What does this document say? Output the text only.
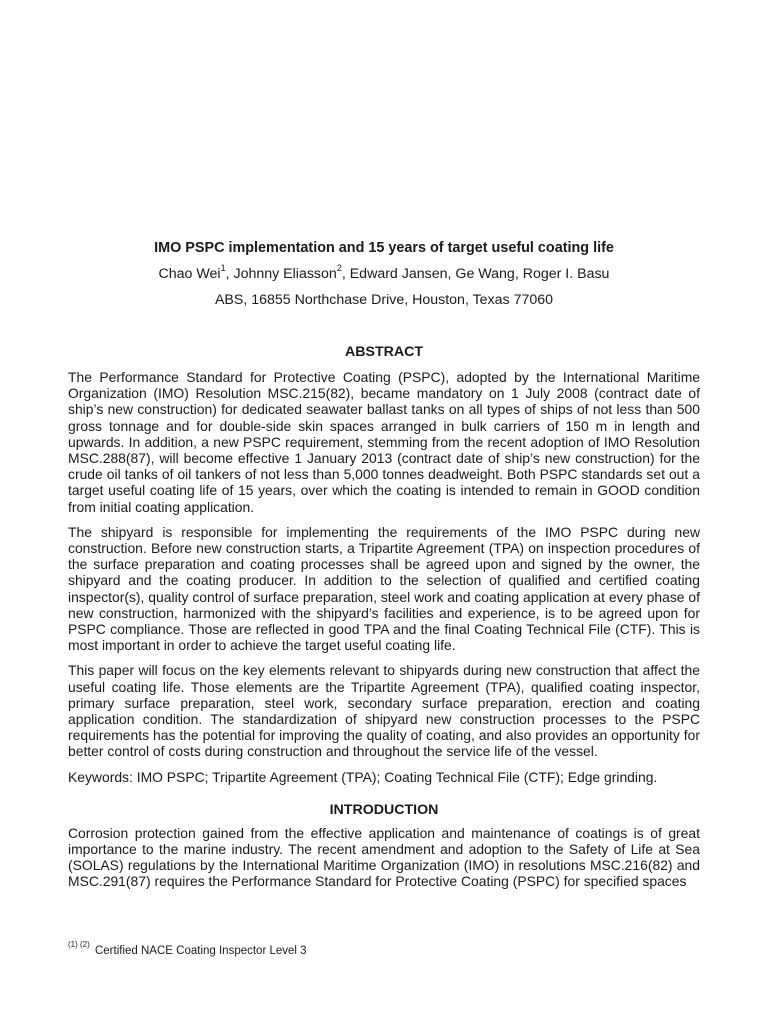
IMO PSPC implementation and 15 years of target useful coating life

Chao Wei$^1$, Johnny Eliasson$^2$, Edward Jansen, Ge Wang, Roger I. Basu

ABS, 16855 Northchase Drive, Houston, Texas 77060

ABSTRACT

The Performance Standard for Protective Coating (PSPC), adopted by the International Maritime Organization (IMO) Resolution MSC.215(82), became mandatory on 1 July 2008 (contract date of ship’s new construction) for dedicated seawater ballast tanks on all types of ships of not less than 500 gross tonnage and for double-side skin spaces arranged in bulk carriers of 150 m in length and upwards. In addition, a new PSPC requirement, stemming from the recent adoption of IMO Resolution MSC.288(87), will become effective 1 January 2013 (contract date of ship’s new construction) for the crude oil tanks of oil tankers of not less than 5,000 tonnes deadweight. Both PSPC standards set out a target useful coating life of 15 years, over which the coating is intended to remain in GOOD condition from initial coating application.

The shipyard is responsible for implementing the requirements of the IMO PSPC during new construction. Before new construction starts, a Tripartite Agreement (TPA) on inspection procedures of the surface preparation and coating processes shall be agreed upon and signed by the owner, the shipyard and the coating producer. In addition to the selection of qualified and certified coating inspector(s), quality control of surface preparation, steel work and coating application at every phase of new construction, harmonized with the shipyard’s facilities and experience, is to be agreed upon for PSPC compliance. Those are reflected in good TPA and the final Coating Technical File (CTF). This is most important in order to achieve the target useful coating life.

This paper will focus on the key elements relevant to shipyards during new construction that affect the useful coating life. Those elements are the Tripartite Agreement (TPA), qualified coating inspector, primary surface preparation, steel work, secondary surface preparation, erection and coating application condition. The standardization of shipyard new construction processes to the PSPC requirements has the potential for improving the quality of coating, and also provides an opportunity for better control of costs during construction and throughout the service life of the vessel.

Keywords: IMO PSPC; Tripartite Agreement (TPA); Coating Technical File (CTF); Edge grinding.

INTRODUCTION

Corrosion protection gained from the effective application and maintenance of coatings is of great importance to the marine industry. The recent amendment and adoption to the Safety of Life at Sea (SOLAS) regulations by the International Maritime Organization (IMO) in resolutions MSC.216(82) and MSC.291(87) requires the Performance Standard for Protective Coating (PSPC) for specified spaces

$^{(1) (2)}$ Certified NACE Coating Inspector Level 3
